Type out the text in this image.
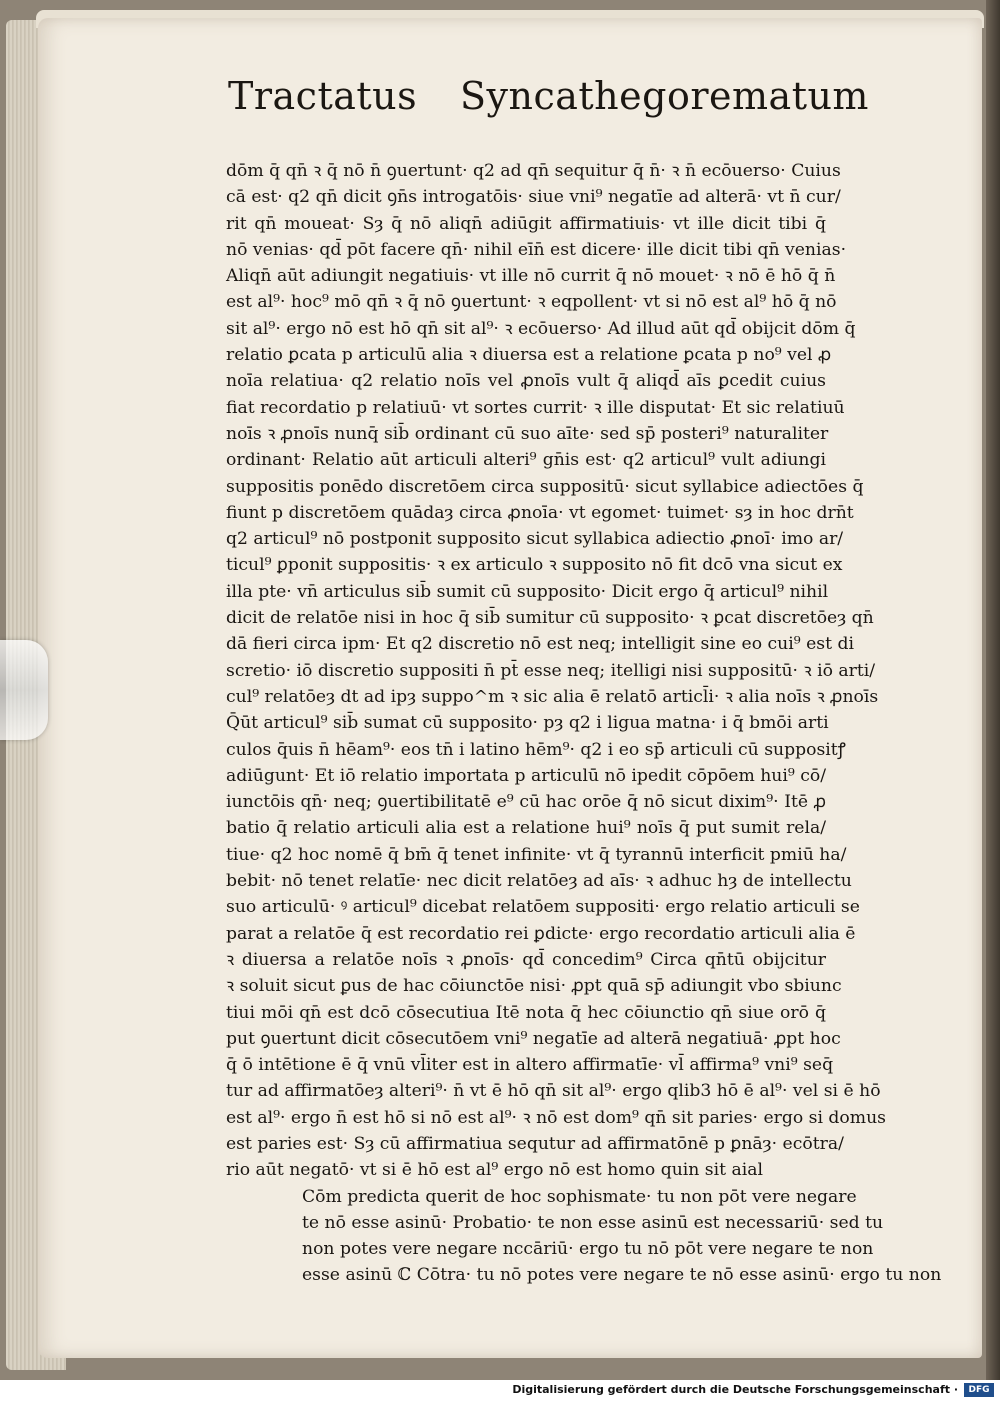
Tractatus Syncathegorematum
dōm q̄ qn̄ ꝛ q̄ nō n̄ ꝯuertunt· q2 ad qn̄ sequitur q̄ n̄· ꝛ n̄ ecōuerso· Cuius
cā est· q2 qn̄ dicit ꝯn̄s introgatōis· siue vni⁹ negatīe ad alterā· vt n̄ cur/
rit qn̄ moueat· Sȝ q̄ nō aliqn̄ adiūgit affirmatiuis· vt ille dicit tibi q̄
nō venias· qd̄ pōt facere qn̄· nihil eīn̄ est dicere· ille dicit tibi qn̄ venias·
Aliqn̄ aūt adiungit negatiuis· vt ille nō currit q̄ nō mouet· ꝛ nō ē hō q̄ n̄
est al⁹· hoc⁹ mō qn̄ ꝛ q̄ nō ꝯuertunt· ꝛ eqpollent· vt si nō est al⁹ hō q̄ nō
sit al⁹· ergo nō est hō qn̄ sit al⁹· ꝛ ecōuerso· Ad illud aūt qd̄ obijcit dōm q̄
relatio ꝑcata p articulū alia ꝛ diuersa est a relatione ꝑcata p no⁹ vel ꝓ
noīa relatiua· q2 relatio noīs vel ꝓnoīs vult q̄ aliqd̄ aīs ꝑcedit cuius
fiat recordatio p relatiuū· vt sortes currit· ꝛ ille disputat· Et sic relatiuū
noīs ꝛ ꝓnoīs nunq̄ sib̄ ordinant cū suo aīte· sed sp̄ posteri⁹ naturaliter
ordinant· Relatio aūt articuli alteri⁹ gn̄is est· q2 articul⁹ vult adiungi
suppositis ponēdo discretōem circa suppositū· sicut syllabice adiectōes q̄
fiunt p discretōem quādaȝ circa ꝓnoīa· vt egomet· tuimet· sȝ in hoc drn̄t
q2 articul⁹ nō postponit supposito sicut syllabica adiectio ꝓnoī· imo ar/
ticul⁹ ꝑponit suppositis· ꝛ ex articulo ꝛ supposito nō fit dcō vna sicut ex
illa pte· vn̄ articulus sib̄ sumit cū supposito· Dicit ergo q̄ articul⁹ nihil
dicit de relatōe nisi in hoc q̄ sib̄ sumitur cū supposito· ꝛ ꝑcat discretōeȝ qn̄
dā fieri circa ipm· Et q2 discretio nō est neq; intelligit sine eo cui⁹ est di
scretio· iō discretio suppositi n̄ pt̄ esse neq; itelligi nisi suppositū· ꝛ iō arti/
cul⁹ relatōeȝ dt ad ipȝ suppo^m ꝛ sic alia ē relatō articl̄i· ꝛ alia noīs ꝛ ꝓnoīs
Q̄ūt articul⁹ sib̄ sumat cū supposito· pȝ q2 i ligua matna· i q̄ bmōi arti
culos q̄uis n̄ hēam⁹· eos tn̄ i latino hēm⁹· q2 i eo sp̄ articuli cū suppositꝭ
adiūgunt· Et iō relatio importata p articulū nō ipedit cōpōem hui⁹ cō/
iunctōis qn̄· neq; ꝯuertibilitatē e⁹ cū hac orōe q̄ nō sicut dixim⁹· Itē ꝓ
batio q̄ relatio articuli alia est a relatione hui⁹ noīs q̄ put sumit rela/
tiue· q2 hoc nomē q̄ bm̄ q̄ tenet infinite· vt q̄ tyrannū interficit pmiū ha/
bebit· nō tenet relatīe· nec dicit relatōeȝ ad aīs· ꝛ adhuc hȝ de intellectu
suo articulū· ꝰ articul⁹ dicebat relatōem suppositi· ergo relatio articuli se
parat a relatōe q̄ est recordatio rei ꝑdicte· ergo recordatio articuli alia ē
ꝛ diuersa a relatōe noīs ꝛ ꝓnoīs· qd̄ concedim⁹ Circa qn̄tū obijcitur
ꝛ soluit sicut ꝑus de hac cōiunctōe nisi· ꝓpt quā sp̄ adiungit vbo sbiunc
tiui mōi qn̄ est dcō cōsecutiua Itē nota q̄ hec cōiunctio qn̄ siue orō q̄
put ꝯuertunt dicit cōsecutōem vni⁹ negatīe ad alterā negatiuā· ꝓpt hoc
q̄ ō intētione ē q̄ vnū vl̄iter est in altero affirmatīe· vl̄ affirma⁹ vni⁹ seq̄
tur ad affirmatōeȝ alteri⁹· n̄ vt ē hō qn̄ sit al⁹· ergo qlib3 hō ē al⁹· vel si ē hō
est al⁹· ergo n̄ est hō si nō est al⁹· ꝛ nō est dom⁹ qn̄ sit paries· ergo si domus
est paries est· Sȝ cū affirmatiua sequtur ad affirmatōnē p ꝑnāȝ· ecōtra/
rio aūt negatō· vt si ē hō est al⁹ ergo nō est homo quin sit aial
Cōm predicta querit de hoc sophismate· tu non pōt vere negare
te nō esse asinū· Probatio· te non esse asinū est necessariū· sed tu
non potes vere negare nccāriū· ergo tu nō pōt vere negare te non
esse asinū ℂ Cōtra· tu nō potes vere negare te nō esse asinū· ergo tu non
Digitalisierung gefördert durch die Deutsche Forschungsgemeinschaft ·	DFG
